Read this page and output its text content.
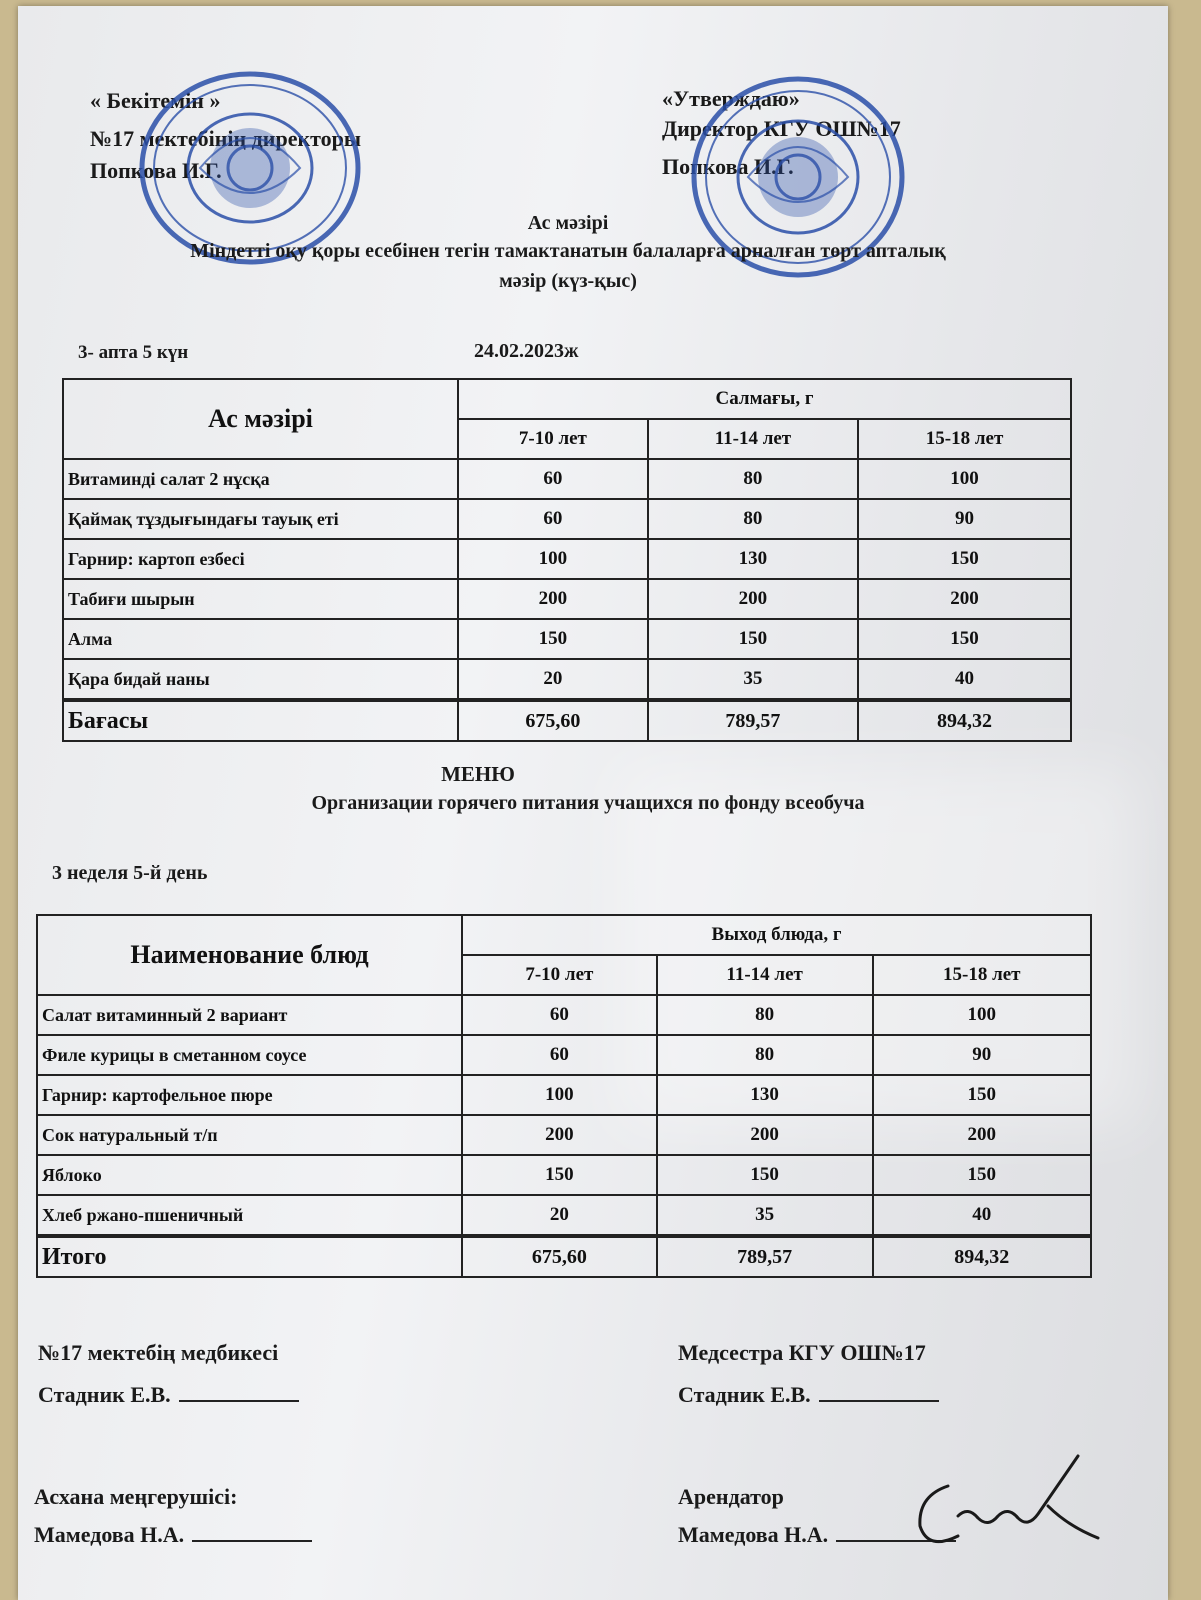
« Бекітемін »
№17 мектебінің директоры
Попкова И.Г.
«Утверждаю»
Директор КГУ ОШ№17
Попкова И.Г.
Ас мәзірі
Міндетті оқу қоры есебінен тегін тамактанатын балаларға арналған төрт апталық
мәзір (күз-қыс)
3- апта 5 күн	24.02.2023ж
Ас мәзірі	Салмағы, г		
	7-10 лет	11-14 лет	15-18 лет
Витаминді салат 2 нұсқа	60	80	100
Қаймақ тұздығындағы тауық еті	60	80	90
Гарнир: картоп езбесі	100	130	150
Табиғи шырын	200	200	200
Алма	150	150	150
Қара бидай наны	20	35	40
Бағасы	675,60	789,57	894,32
МЕНЮ
Организации горячего питания учащихся по фонду всеобуча
3 неделя 5-й день
Наименование блюд	Выход блюда, г		
	7-10 лет	11-14 лет	15-18 лет
Салат витаминный 2 вариант	60	80	100
Филе курицы в сметанном соусе	60	80	90
Гарнир: картофельное пюре	100	130	150
Сок натуральный т/п	200	200	200
Яблоко	150	150	150
Хлеб ржано-пшеничный	20	35	40
Итого	675,60	789,57	894,32
№17 мектебің медбикесі
Стадник Е.В.
Медсестра КГУ ОШ№17
Стадник Е.В.
Асхана меңгерушісі:
Мамедова Н.А.
Арендатор
Мамедова Н.А.
